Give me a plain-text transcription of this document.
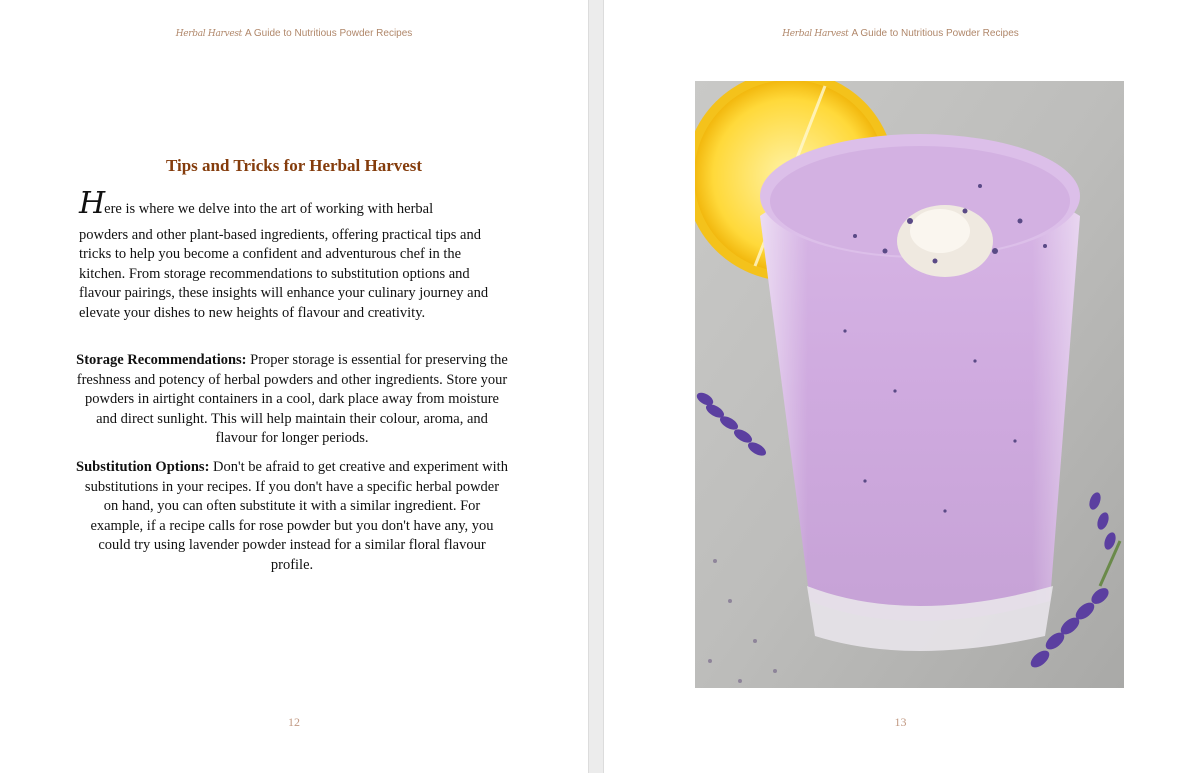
Herbal Harvest A Guide to Nutritious Powder Recipes
Tips and Tricks for Herbal Harvest
Here is where we delve into the art of working with herbal
powders and other plant-based ingredients, offering practical tips and tricks to help you become a confident and adventurous chef in the kitchen. From storage recommendations to substitution options and flavour pairings, these insights will enhance your culinary journey and elevate your dishes to new heights of flavour and creativity.
Storage Recommendations: Proper storage is essential for preserving the freshness and potency of herbal powders and other ingredients. Store your powders in airtight containers in a cool, dark place away from moisture and direct sunlight. This will help maintain their colour, aroma, and flavour for longer periods.
Substitution Options: Don't be afraid to get creative and experiment with substitutions in your recipes. If you don't have a specific herbal powder on hand, you can often substitute it with a similar ingredient. For example, if a recipe calls for rose powder but you don't have any, you could try using lavender powder instead for a similar floral flavour profile.
12
Herbal Harvest A Guide to Nutritious Powder Recipes
13
